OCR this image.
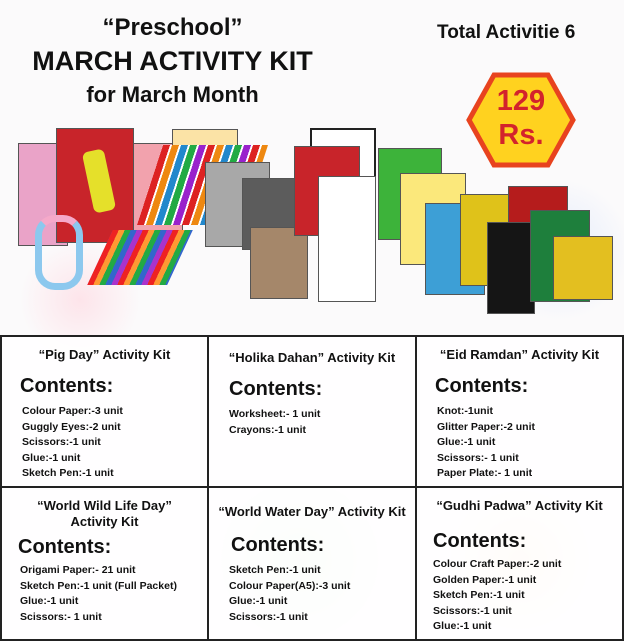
“Preschool”
MARCH ACTIVITY KIT
for March Month
Total Activitie 6
129
Rs.
“Pig Day” Activity Kit
Contents:
Colour Paper:-3 unit
Guggly Eyes:-2 unit
Scissors:-1 unit
Glue:-1 unit
Sketch Pen:-1 unit
“Holika Dahan” Activity Kit
Contents:
Worksheet:- 1 unit
Crayons:-1 unit
“Eid Ramdan” Activity Kit
Contents:
Knot:-1unit
Glitter Paper:-2 unit
Glue:-1 unit
Scissors:- 1 unit
Paper Plate:- 1 unit
“World Wild Life Day” Activity Kit
Contents:
Origami Paper:- 21 unit
Sketch Pen:-1 unit (Full Packet)
Glue:-1 unit
Scissors:- 1 unit
“World Water Day” Activity Kit
Contents:
Sketch Pen:-1 unit
Colour Paper(A5):-3 unit
Glue:-1 unit
Scissors:-1 unit
“Gudhi Padwa” Activity Kit
Contents:
Colour Craft Paper:-2 unit
Golden Paper:-1 unit
Sketch Pen:-1 unit
Scissors:-1 unit
Glue:-1 unit
